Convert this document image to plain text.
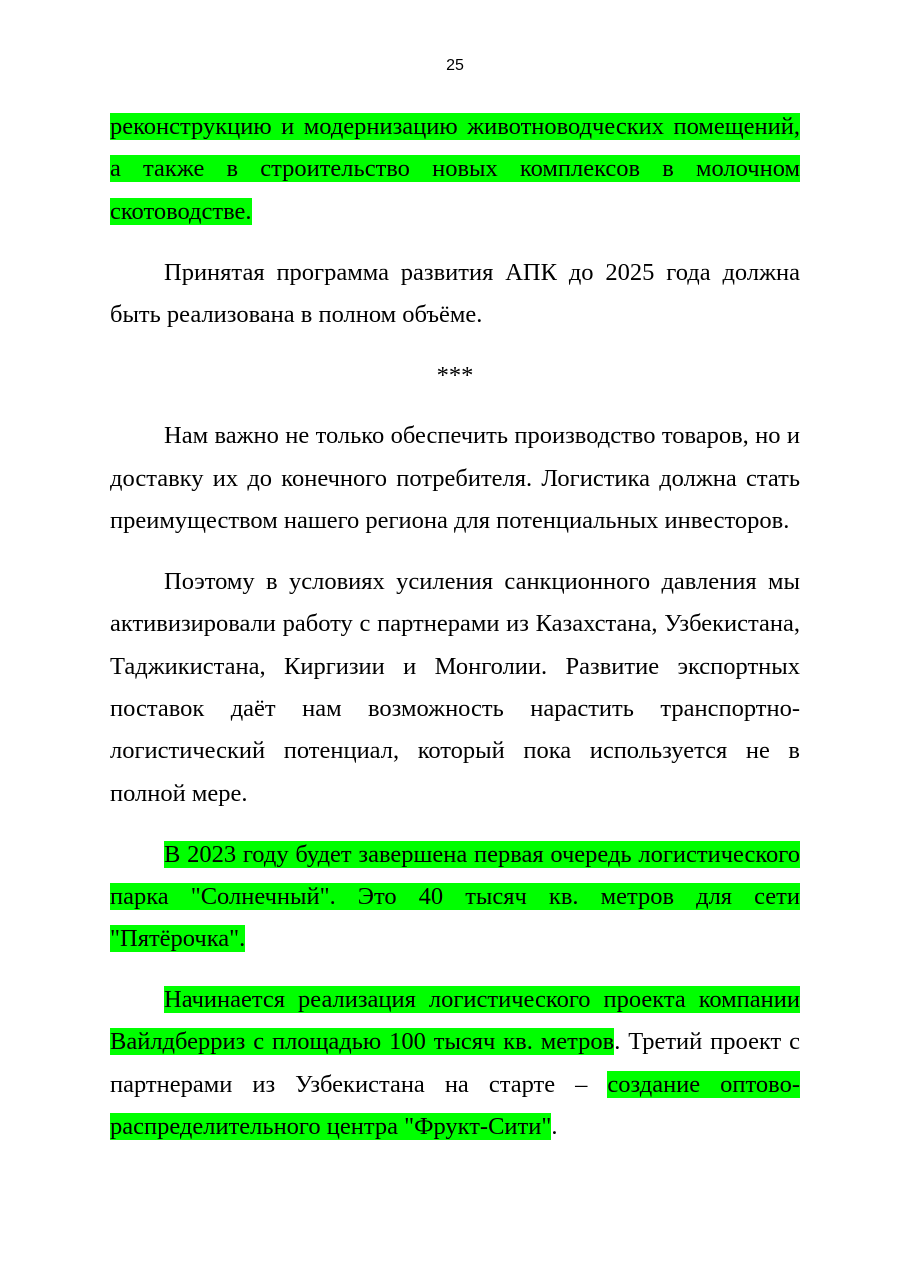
25

реконструкцию и модернизацию животноводческих помещений, а также в строительство новых комплексов в молочном скотоводстве.

Принятая программа развития АПК до 2025 года должна быть реализована в полном объёме.

***

Нам важно не только обеспечить производство товаров, но и доставку их до конечного потребителя. Логистика должна стать преимуществом нашего региона для потенциальных инвесторов.

Поэтому в условиях усиления санкционного давления мы активизировали работу с партнерами из Казахстана, Узбекистана, Таджикистана, Киргизии и Монголии. Развитие экспортных поставок даёт нам возможность нарастить транспортно-логистический потенциал, который пока используется не в полной мере.

В 2023 году будет завершена первая очередь логистического парка "Солнечный". Это 40 тысяч кв. метров для сети "Пятёрочка".

Начинается реализация логистического проекта компании Вайлдберриз с площадью 100 тысяч кв. метров. Третий проект с партнерами из Узбекистана на старте – создание оптово-распределительного центра "Фрукт-Сити".
